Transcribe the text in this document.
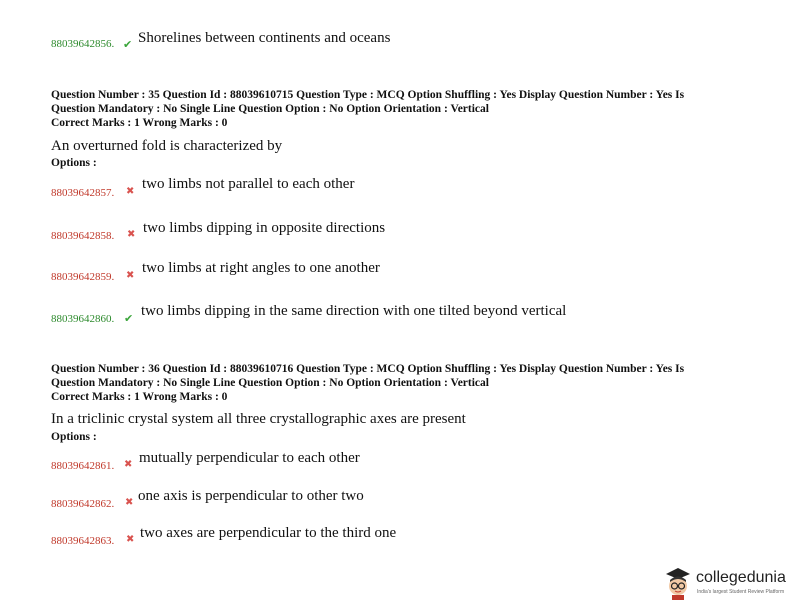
88039642856. ✔ Shorelines between continents and oceans
Question Number : 35 Question Id : 88039610715 Question Type : MCQ Option Shuffling : Yes Display Question Number : Yes Is
Question Mandatory : No Single Line Question Option : No Option Orientation : Vertical
Correct Marks : 1 Wrong Marks : 0
An overturned fold is characterized by
Options :
88039642857. ✖ two limbs not parallel to each other
88039642858. ✖ two limbs dipping in opposite directions
88039642859. ✖ two limbs at right angles to one another
88039642860. ✔ two limbs dipping in the same direction with one tilted beyond vertical
Question Number : 36 Question Id : 88039610716 Question Type : MCQ Option Shuffling : Yes Display Question Number : Yes Is
Question Mandatory : No Single Line Question Option : No Option Orientation : Vertical
Correct Marks : 1 Wrong Marks : 0
In a triclinic crystal system all three crystallographic axes are present
Options :
88039642861. ✖ mutually perpendicular to each other
88039642862. ✖ one axis is perpendicular to other two
88039642863. ✖ two axes are perpendicular to the third one
collegedunia
India's largest Student Review Platform
